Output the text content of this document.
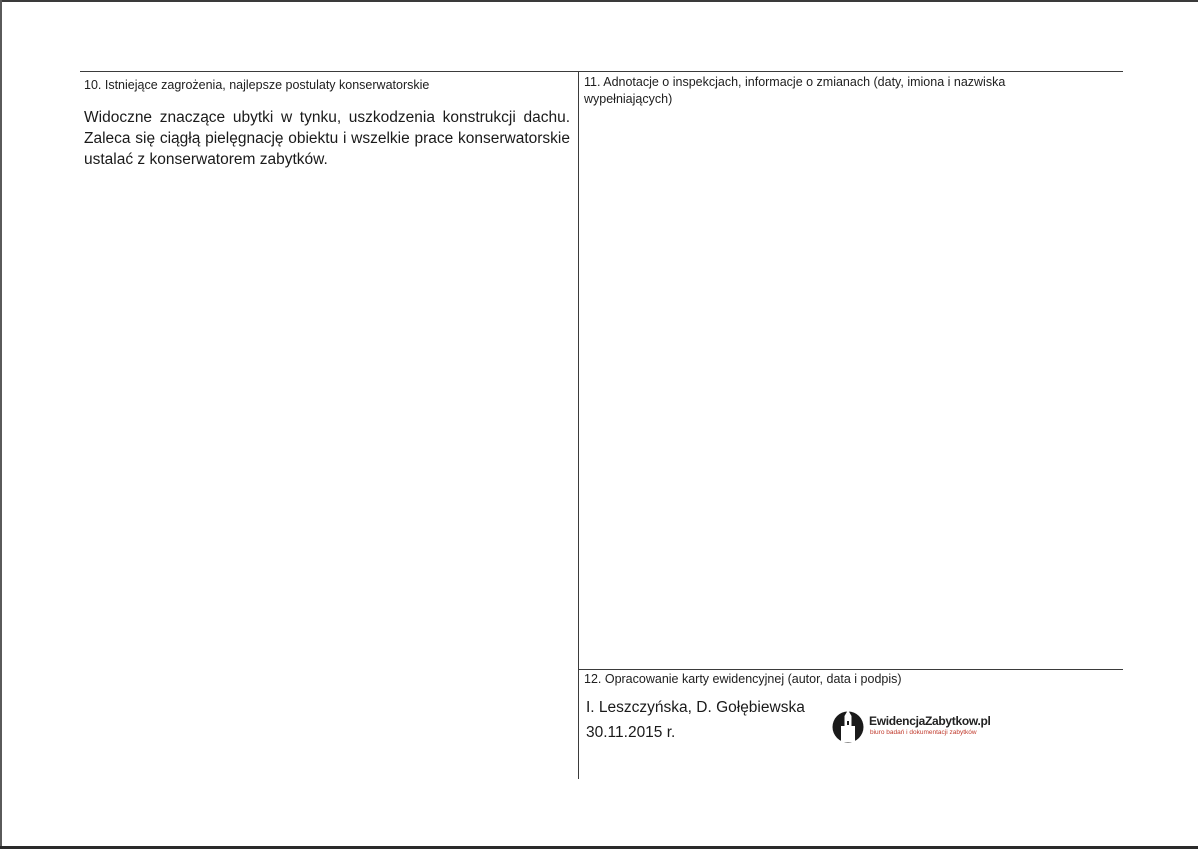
10. Istniejące zagrożenia, najlepsze postulaty konserwatorskie
Widoczne znaczące ubytki w tynku, uszkodzenia konstrukcji dachu. Zaleca się ciągłą pielęgnację obiektu i wszelkie prace konserwatorskie ustalać z konserwatorem zabytków.
11. Adnotacje o inspekcjach, informacje o zmianach (daty, imiona i nazwiska wypełniających)
12. Opracowanie karty ewidencyjnej (autor, data i podpis)
I. Leszczyńska, D. Gołębiewska
30.11.2015 r.
EwidencjaZabytkow.pl
biuro badań i dokumentacji zabytków
